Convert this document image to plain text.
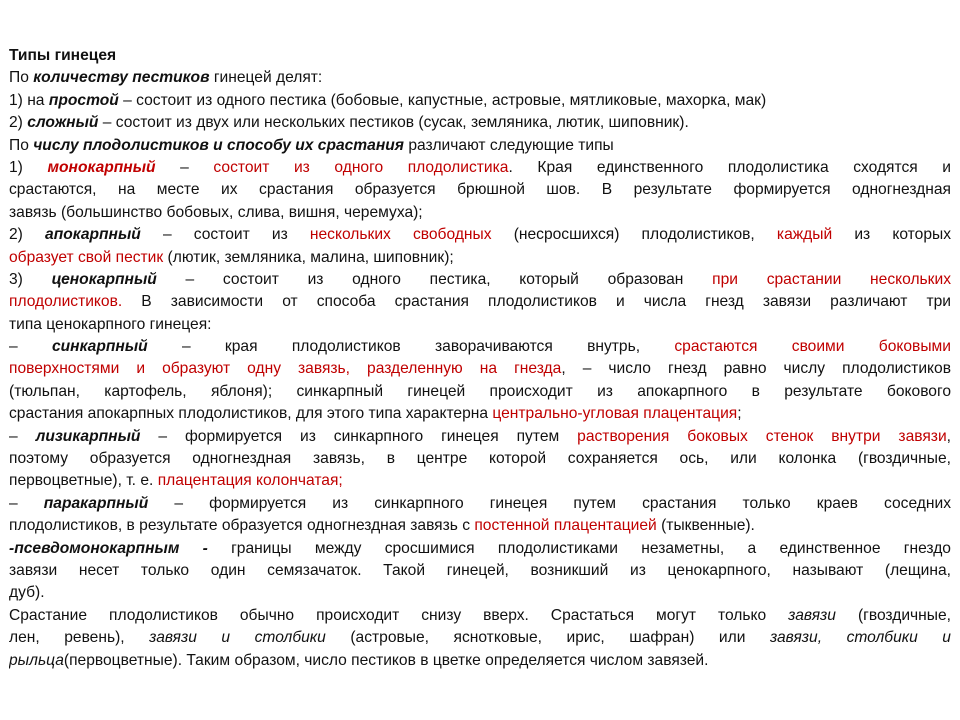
Типы гинецея
По количеству пестиков гинецей делят:
1) на простой – состоит из одного пестика (бобовые, капустные, астровые, мятликовые, махорка, мак)
2) сложный – состоит из двух или нескольких пестиков (сусак, земляника, лютик, шиповник).
По числу плодолистиков и способу их срастания различают следующие типы
1) монокарпный – состоит из одного плодолистика. Края единственного плодолистика сходятся и
срастаются, на месте их срастания образуется брюшной шов. В результате формируется одногнездная
завязь (большинство бобовых, слива, вишня, черемуха);
2) апокарпный – состоит из нескольких свободных (несросшихся) плодолистиков, каждый из которых
образует свой пестик (лютик, земляника, малина, шиповник);
3) ценокарпный – состоит из одного пестика, который образован при срастании нескольких
плодолистиков. В зависимости от способа срастания плодолистиков и числа гнезд завязи различают три
типа ценокарпного гинецея:
– синкарпный – края плодолистиков заворачиваются внутрь, срастаются своими боковыми
поверхностями и образуют одну завязь, разделенную на гнезда, – число гнезд равно числу плодолистиков
(тюльпан, картофель, яблоня); синкарпный гинецей происходит из апокарпного в результате бокового
срастания апокарпных плодолистиков, для этого типа характерна центрально-угловая плацентация;
– лизикарпный – формируется из синкарпного гинецея путем растворения боковых стенок внутри завязи,
поэтому образуется одногнездная завязь, в центре которой сохраняется ось, или колонка (гвоздичные,
первоцветные), т. е. плацентация колончатая;
– паракарпный – формируется из синкарпного гинецея путем срастания только краев соседних
плодолистиков, в результате образуется одногнездная завязь с постенной плацентацией (тыквенные).
-псевдомонокарпным - границы между сросшимися плодолистиками незаметны, а единственное гнездо
завязи несет только один семязачаток. Такой гинецей, возникший из ценокарпного, называют (лещина,
дуб).
Срастание плодолистиков обычно происходит снизу вверх. Срастаться могут только завязи (гвоздичные,
лен, ревень), завязи и столбики (астровые, яснотковые, ирис, шафран) или завязи, столбики и
рыльца(первоцветные). Таким образом, число пестиков в цветке определяется числом завязей.
